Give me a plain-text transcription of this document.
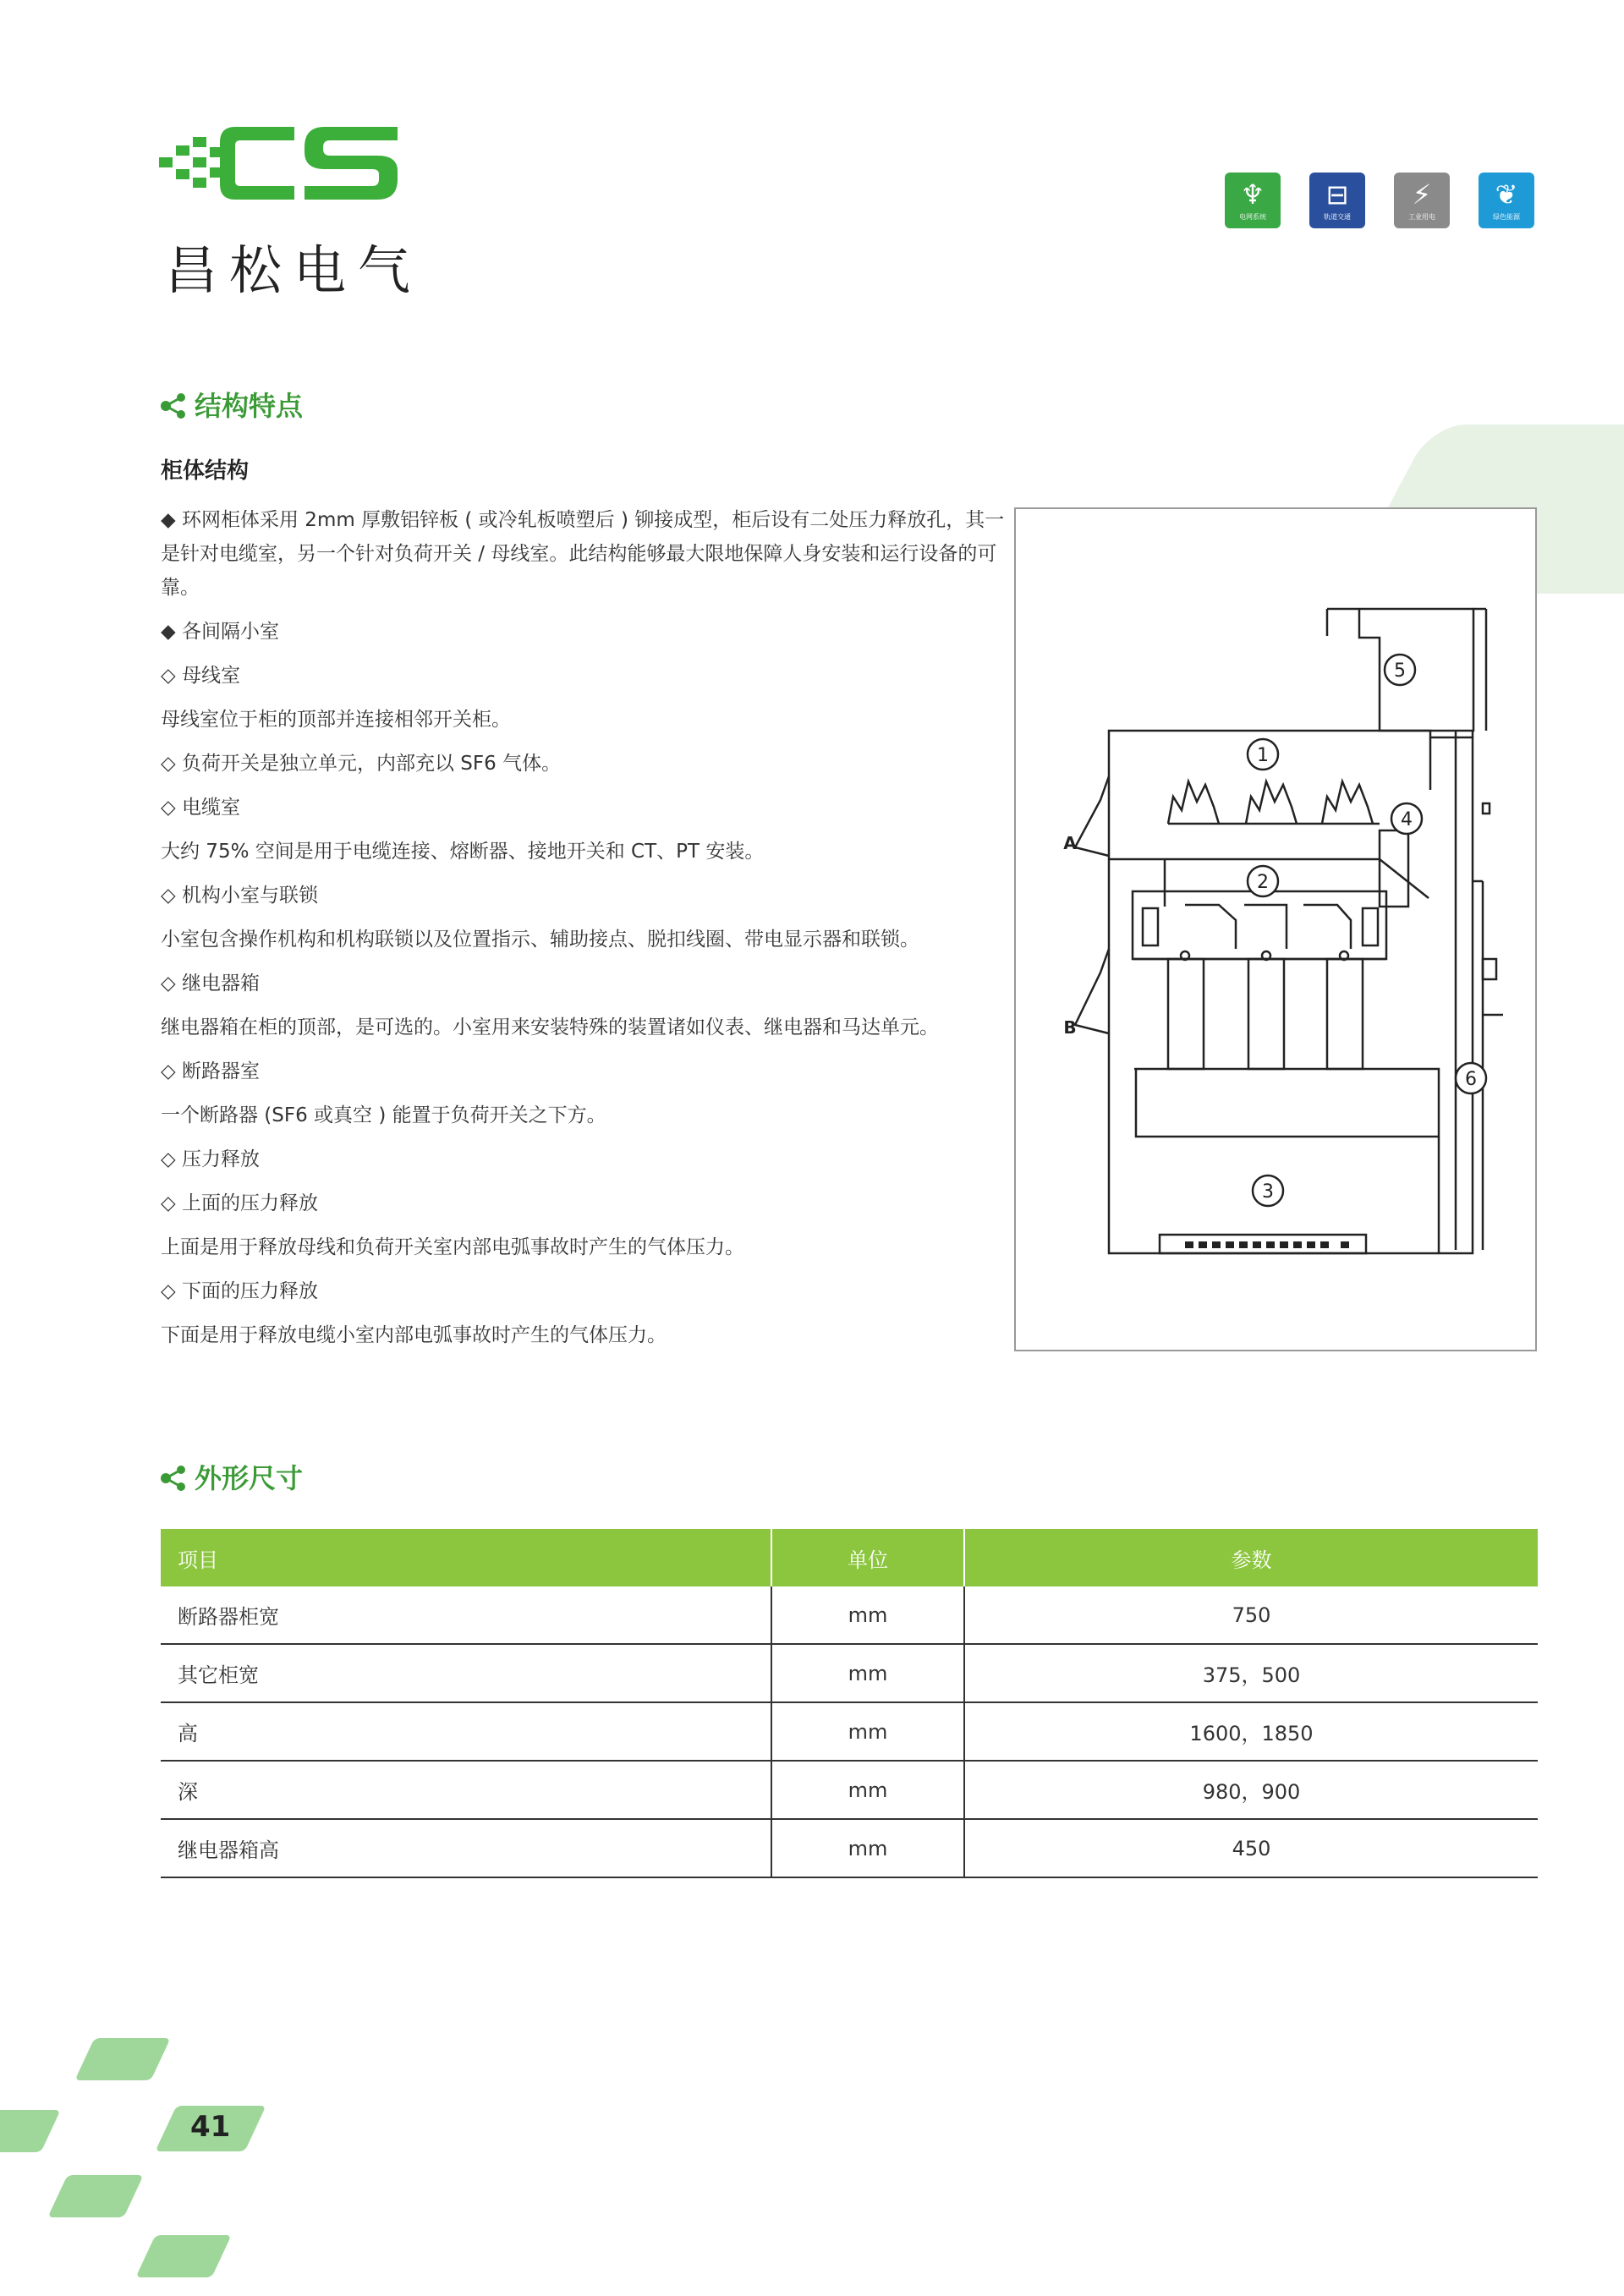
昌松电气
♆
电网系统
⊟
轨道交通
⚡
工业用电
❦
绿色能源
结构特点
柜体结构

◆ 环网柜体采用 2mm 厚敷铝锌板 ( 或冷轧板喷塑后 ) 铆接成型，柜后设有二处压力释放孔，其一是针对电缆室，另一个针对负荷开关 / 母线室。此结构能够最大限地保障人身安装和运行设备的可靠。

◆ 各间隔小室

◇ 母线室

母线室位于柜的顶部并连接相邻开关柜。

◇ 负荷开关是独立单元，内部充以 SF6 气体。

◇ 电缆室

大约 75% 空间是用于电缆连接、熔断器、接地开关和 CT、PT 安装。

◇ 机构小室与联锁

小室包含操作机构和机构联锁以及位置指示、辅助接点、脱扣线圈、带电显示器和联锁。

◇ 继电器箱

继电器箱在柜的顶部，是可选的。小室用来安装特殊的装置诸如仪表、继电器和马达单元。

◇ 断路器室

一个断路器 (SF6 或真空 ) 能置于负荷开关之下方。

◇ 压力释放

◇ 上面的压力释放

上面是用于释放母线和负荷开关室内部电弧事故时产生的气体压力。

◇ 下面的压力释放

下面是用于释放电缆小室内部电弧事故时产生的气体压力。

5
1
4
2
6
3
A
B
外形尺寸
项目	单位	参数
断路器柜宽	mm	750
其它柜宽	mm	375，500
高	mm	1600，1850
深	mm	980，900
继电器箱高	mm	450
41
